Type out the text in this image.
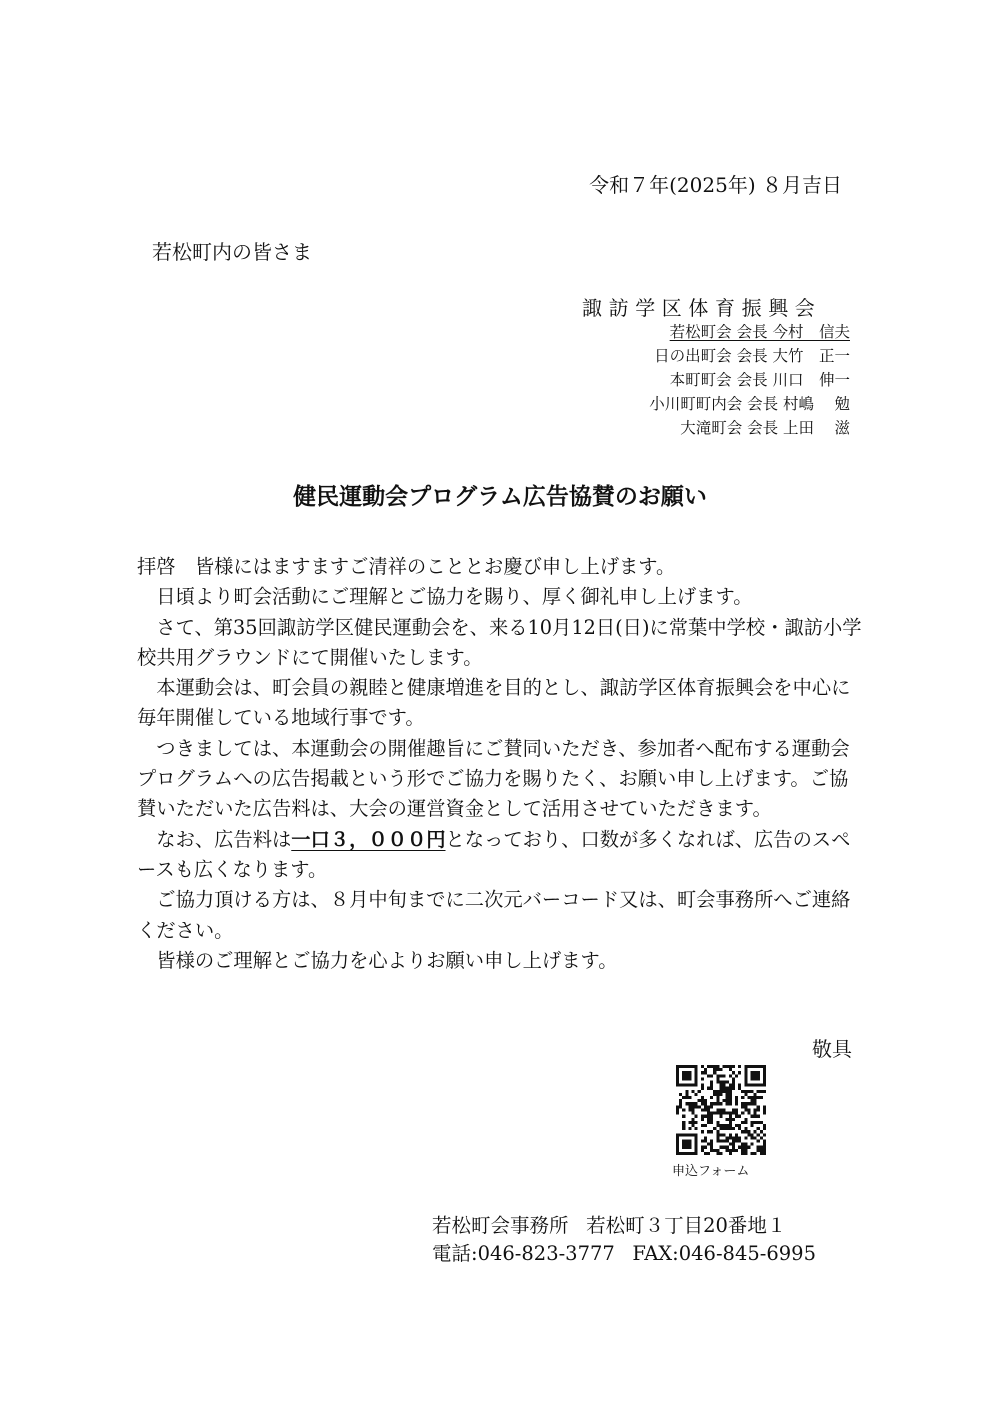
令和７年(2025年) ８月吉日
若松町内の皆さま
諏訪学区体育振興会
若松町会 会長 今村　信夫
日の出町会 会長 大竹　正一
本町町会 会長 川口　伸一
小川町町内会 会長 村嶋　 勉
大滝町会 会長 上田　 滋
健民運動会プログラム広告協賛のお願い

拝啓　皆様にはますますご清祥のこととお慶び申し上げます。

日頃より町会活動にご理解とご協力を賜り、厚く御礼申し上げます。

さて、第35回諏訪学区健民運動会を、来る10月12日(日)に常葉中学校・諏訪小学校共用グラウンドにて開催いたします。

本運動会は、町会員の親睦と健康増進を目的とし、諏訪学区体育振興会を中心に毎年開催している地域行事です。

つきましては、本運動会の開催趣旨にご賛同いただき、参加者へ配布する運動会プログラムへの広告掲載という形でご協力を賜りたく、お願い申し上げます。ご協賛いただいた広告料は、大会の運営資金として活用させていただきます。

なお、広告料は一口３，０００円となっており、口数が多くなれば、広告のスペースも広くなります。

ご協力頂ける方は、８月中旬までに二次元バーコード又は、町会事務所へご連絡ください。

皆様のご理解とご協力を心よりお願い申し上げます。

敬具
申込フォーム
若松町会事務所 若松町３丁目20番地１
電話:046-823-3777 FAX:046-845-6995
